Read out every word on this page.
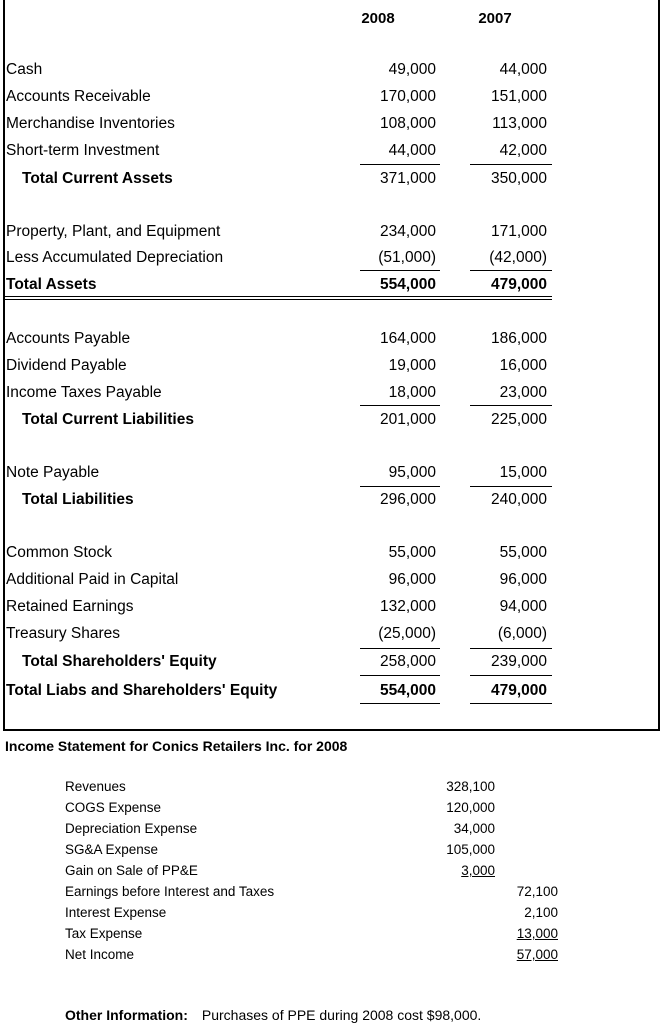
2008	2007
Cash	49,000	44,000
Accounts Receivable	170,000	151,000
Merchandise Inventories	108,000	113,000
Short-term Investment	44,000	42,000
Total Current Assets	371,000	350,000
Property, Plant, and Equipment	234,000	171,000
Less Accumulated Depreciation	(51,000)	(42,000)
Total Assets	554,000	479,000
Accounts Payable	164,000	186,000
Dividend Payable	19,000	16,000
Income Taxes Payable	18,000	23,000
Total Current Liabilities	201,000	225,000
Note Payable	95,000	15,000
Total Liabilities	296,000	240,000
Common Stock	55,000	55,000
Additional Paid in Capital	96,000	96,000
Retained Earnings	132,000	94,000
Treasury Shares	(25,000)	(6,000)
Total Shareholders' Equity	258,000	239,000
Total Liabs and Shareholders' Equity	554,000	479,000
Income Statement for Conics Retailers Inc. for 2008
Revenues	328,100
COGS Expense	120,000
Depreciation Expense	34,000
SG&A Expense	105,000
Gain on Sale of PP&E	3,000
Earnings before Interest and Taxes	72,100
Interest Expense	2,100
Tax Expense	13,000
Net Income	57,000
Other Information: Purchases of PPE during 2008 cost $98,000.
